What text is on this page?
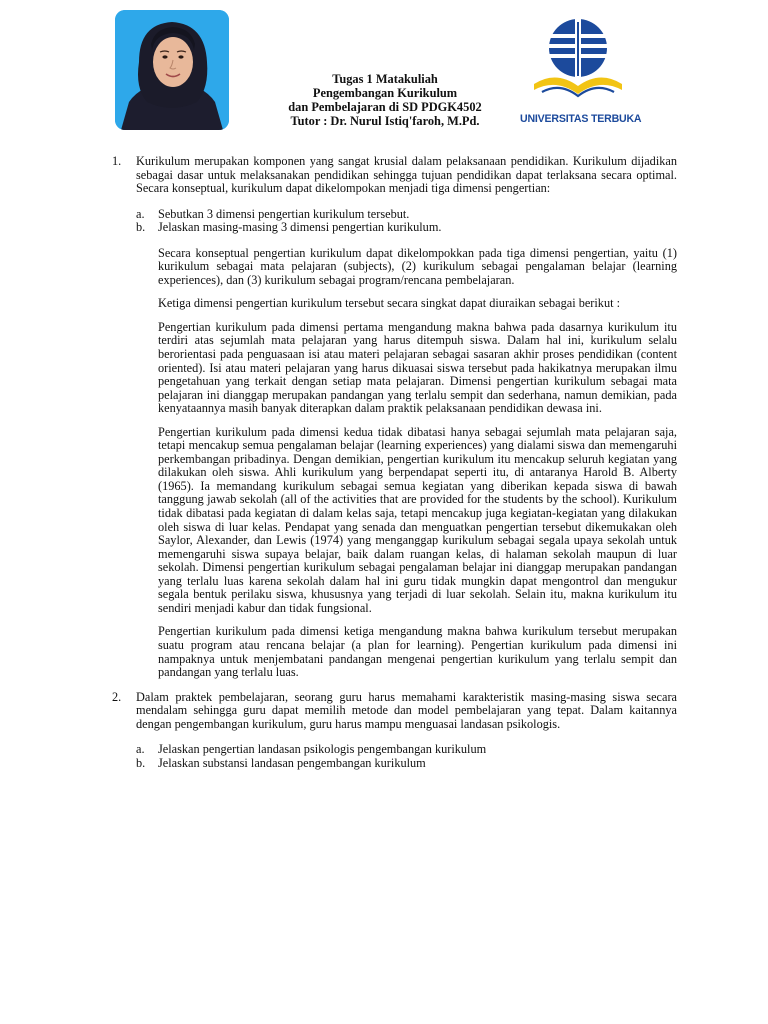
Tugas 1 Matakuliah
Pengembangan Kurikulum
dan Pembelajaran di SD PDGK4502
Tutor : Dr. Nurul Istiq'faroh, M.Pd.	UNIVERSITAS TERBUKA
1. Kurikulum merupakan komponen yang sangat krusial dalam pelaksanaan pendidikan. Kurikulum dijadikan sebagai dasar untuk melaksanakan pendidikan sehingga tujuan pendidikan dapat terlaksana secara optimal. Secara konseptual, kurikulum dapat dikelompokan menjadi tiga dimensi pengertian:

a. Sebutkan 3 dimensi pengertian kurikulum tersebut.
b. Jelaskan masing-masing 3 dimensi pengertian kurikulum.

Secara konseptual pengertian kurikulum dapat dikelompokkan pada tiga dimensi pengertian, yaitu (1) kurikulum sebagai mata pelajaran (subjects), (2) kurikulum sebagai pengalaman belajar (learning experiences), dan (3) kurikulum sebagai program/rencana pembelajaran.

Ketiga dimensi pengertian kurikulum tersebut secara singkat dapat diuraikan sebagai berikut :

Pengertian kurikulum pada dimensi pertama mengandung makna bahwa pada dasarnya kurikulum itu terdiri atas sejumlah mata pelajaran yang harus ditempuh siswa. Dalam hal ini, kurikulum selalu berorientasi pada penguasaan isi atau materi pelajaran sebagai sasaran akhir proses pendidikan (content oriented). Isi atau materi pelajaran yang harus dikuasai siswa tersebut pada hakikatnya merupakan ilmu pengetahuan yang terkait dengan setiap mata pelajaran. Dimensi pengertian kurikulum sebagai mata pelajaran ini dianggap merupakan pandangan yang terlalu sempit dan sederhana, namun demikian, pada kenyataannya masih banyak diterapkan dalam praktik pelaksanaan pendidikan dewasa ini.

Pengertian kurikulum pada dimensi kedua tidak dibatasi hanya sebagai sejumlah mata pelajaran saja, tetapi mencakup semua pengalaman belajar (learning experiences) yang dialami siswa dan memengaruhi perkembangan pribadinya. Dengan demikian, pengertian kurikulum itu mencakup seluruh kegiatan yang dilakukan oleh siswa. Ahli kurikulum yang berpendapat seperti itu, di antaranya Harold B. Alberty (1965). Ia memandang kurikulum sebagai semua kegiatan yang diberikan kepada siswa di bawah tanggung jawab sekolah (all of the activities that are provided for the students by the school). Kurikulum tidak dibatasi pada kegiatan di dalam kelas saja, tetapi mencakup juga kegiatan-kegiatan yang dilakukan oleh siswa di luar kelas. Pendapat yang senada dan menguatkan pengertian tersebut dikemukakan oleh Saylor, Alexander, dan Lewis (1974) yang menganggap kurikulum sebagai segala upaya sekolah untuk memengaruhi siswa supaya belajar, baik dalam ruangan kelas, di halaman sekolah maupun di luar sekolah. Dimensi pengertian kurikulum sebagai pengalaman belajar ini dianggap merupakan pandangan yang terlalu luas karena sekolah dalam hal ini guru tidak mungkin dapat mengontrol dan mengukur segala bentuk perilaku siswa, khususnya yang terjadi di luar sekolah. Selain itu, makna kurikulum itu sendiri menjadi kabur dan tidak fungsional.

Pengertian kurikulum pada dimensi ketiga mengandung makna bahwa kurikulum tersebut merupakan suatu program atau rencana belajar (a plan for learning). Pengertian kurikulum pada dimensi ini nampaknya untuk menjembatani pandangan mengenai pengertian kurikulum yang terlalu sempit dan pandangan yang terlalu luas.

2. Dalam praktek pembelajaran, seorang guru harus memahami karakteristik masing-masing siswa secara mendalam sehingga guru dapat memilih metode dan model pembelajaran yang tepat. Dalam kaitannya dengan pengembangan kurikulum, guru harus mampu menguasai landasan psikologis.

a. Jelaskan pengertian landasan psikologis pengembangan kurikulum
b. Jelaskan substansi landasan pengembangan kurikulum
